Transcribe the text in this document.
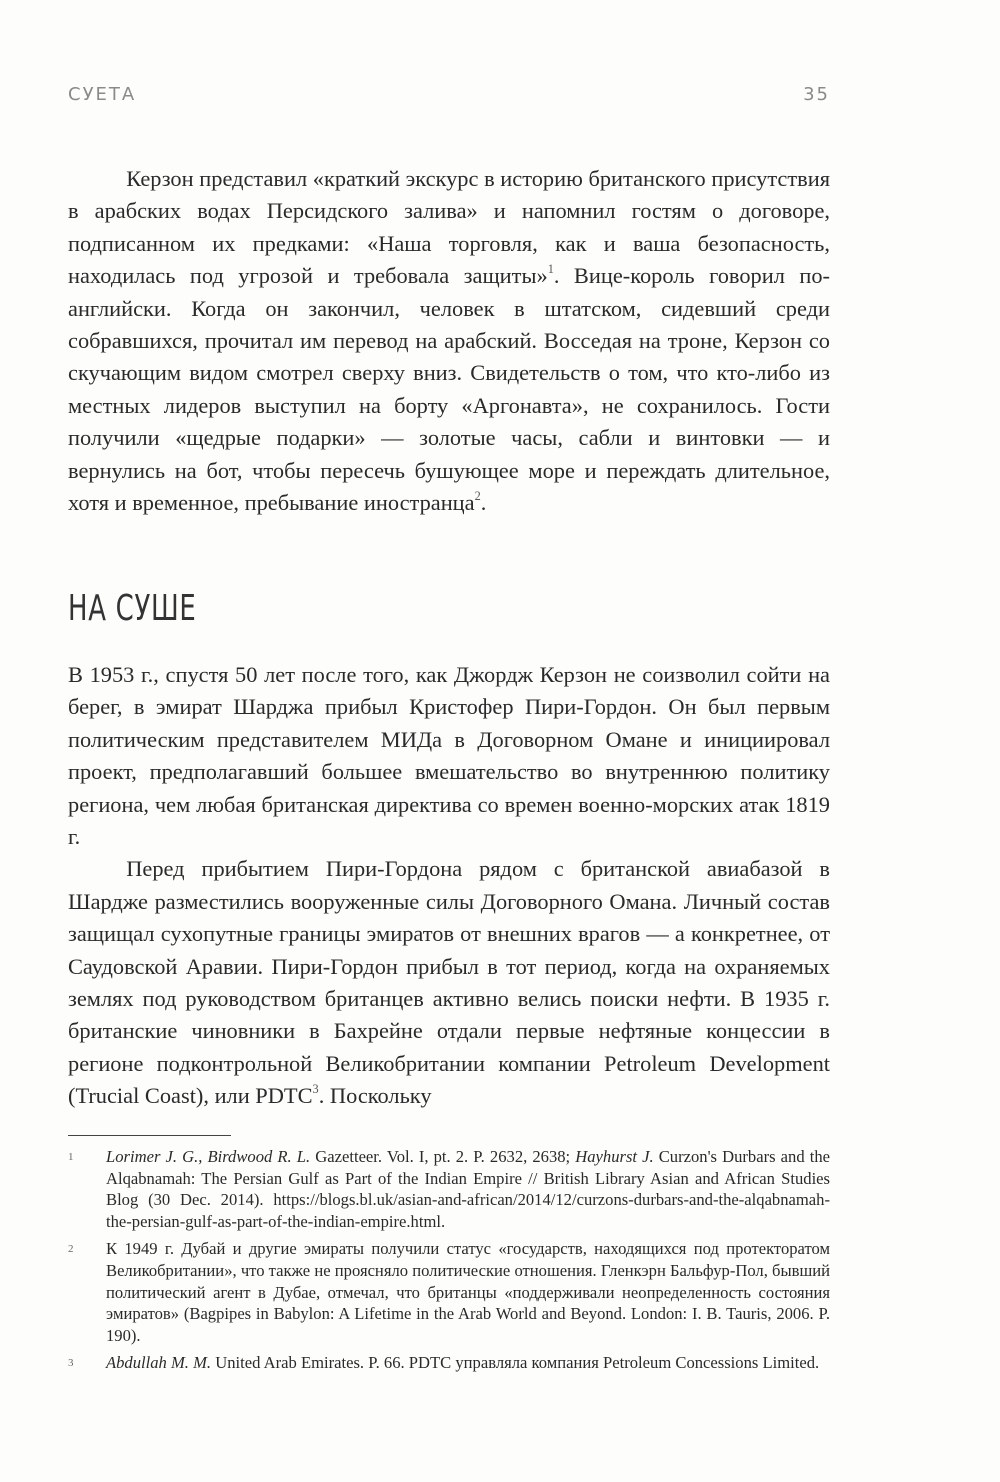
СУЕТА	35

Керзон представил «краткий экскурс в историю британского присутствия в арабских водах Персидского залива» и напомнил гостям о договоре, подписанном их предками: «Наша торговля, как и ваша безопасность, находилась под угрозой и требовала защиты»$^1$. Вице-король говорил по-английски. Когда он закончил, человек в штатском, сидевший среди собравшихся, прочитал им перевод на арабский. Восседая на троне, Керзон со скучающим видом смотрел сверху вниз. Свидетельств о том, что кто-либо из местных лидеров выступил на борту «Аргонавта», не сохранилось. Гости получили «щедрые подарки» — золотые часы, сабли и винтовки — и вернулись на бот, чтобы пересечь бушующее море и переждать длительное, хотя и временное, пребывание иностранца$^2$.

НА СУШЕ

В 1953 г., спустя 50 лет после того, как Джордж Керзон не соизволил сойти на берег, в эмират Шарджа прибыл Кристофер Пири-Гордон. Он был первым политическим представителем МИДа в Договорном Омане и инициировал проект, предполагавший большее вмешательство во внутреннюю политику региона, чем любая британская директива со времен военно-морских атак 1819 г.

Перед прибытием Пири-Гордона рядом с британской авиабазой в Шардже разместились вооруженные силы Договорного Омана. Личный состав защищал сухопутные границы эмиратов от внешних врагов — а конкретнее, от Саудовской Аравии. Пири-Гордон прибыл в тот период, когда на охраняемых землях под руководством британцев активно велись поиски нефти. В 1935 г. британские чиновники в Бахрейне отдали первые нефтяные концессии в регионе подконтрольной Великобритании компании Petroleum Development (Trucial Coast), или PDTC$^3$. Поскольку

1	Lorimer J. G., Birdwood R. L. Gazetteer. Vol. I, pt. 2. P. 2632, 2638; Hayhurst J. Curzon's Durbars and the Alqabnamah: The Persian Gulf as Part of the Indian Empire // British Library Asian and African Studies Blog (30 Dec. 2014). https://blogs.bl.uk/asian-and-african/2014/12/curzons-durbars-and-the-alqabnamah-the-persian-gulf-as-part-of-the-indian-empire.html.
2	К 1949 г. Дубай и другие эмираты получили статус «государств, находящихся под протекторатом Великобритании», что также не проясняло политические отношения. Гленкэрн Бальфур-Пол, бывший политический агент в Дубае, отмечал, что британцы «поддерживали неопределенность состояния эмиратов» (Bagpipes in Babylon: A Lifetime in the Arab World and Beyond. London: I. B. Tauris, 2006. P. 190).
3	Abdullah M. M. United Arab Emirates. P. 66. PDTC управляла компания Petroleum Concessions Limited.
